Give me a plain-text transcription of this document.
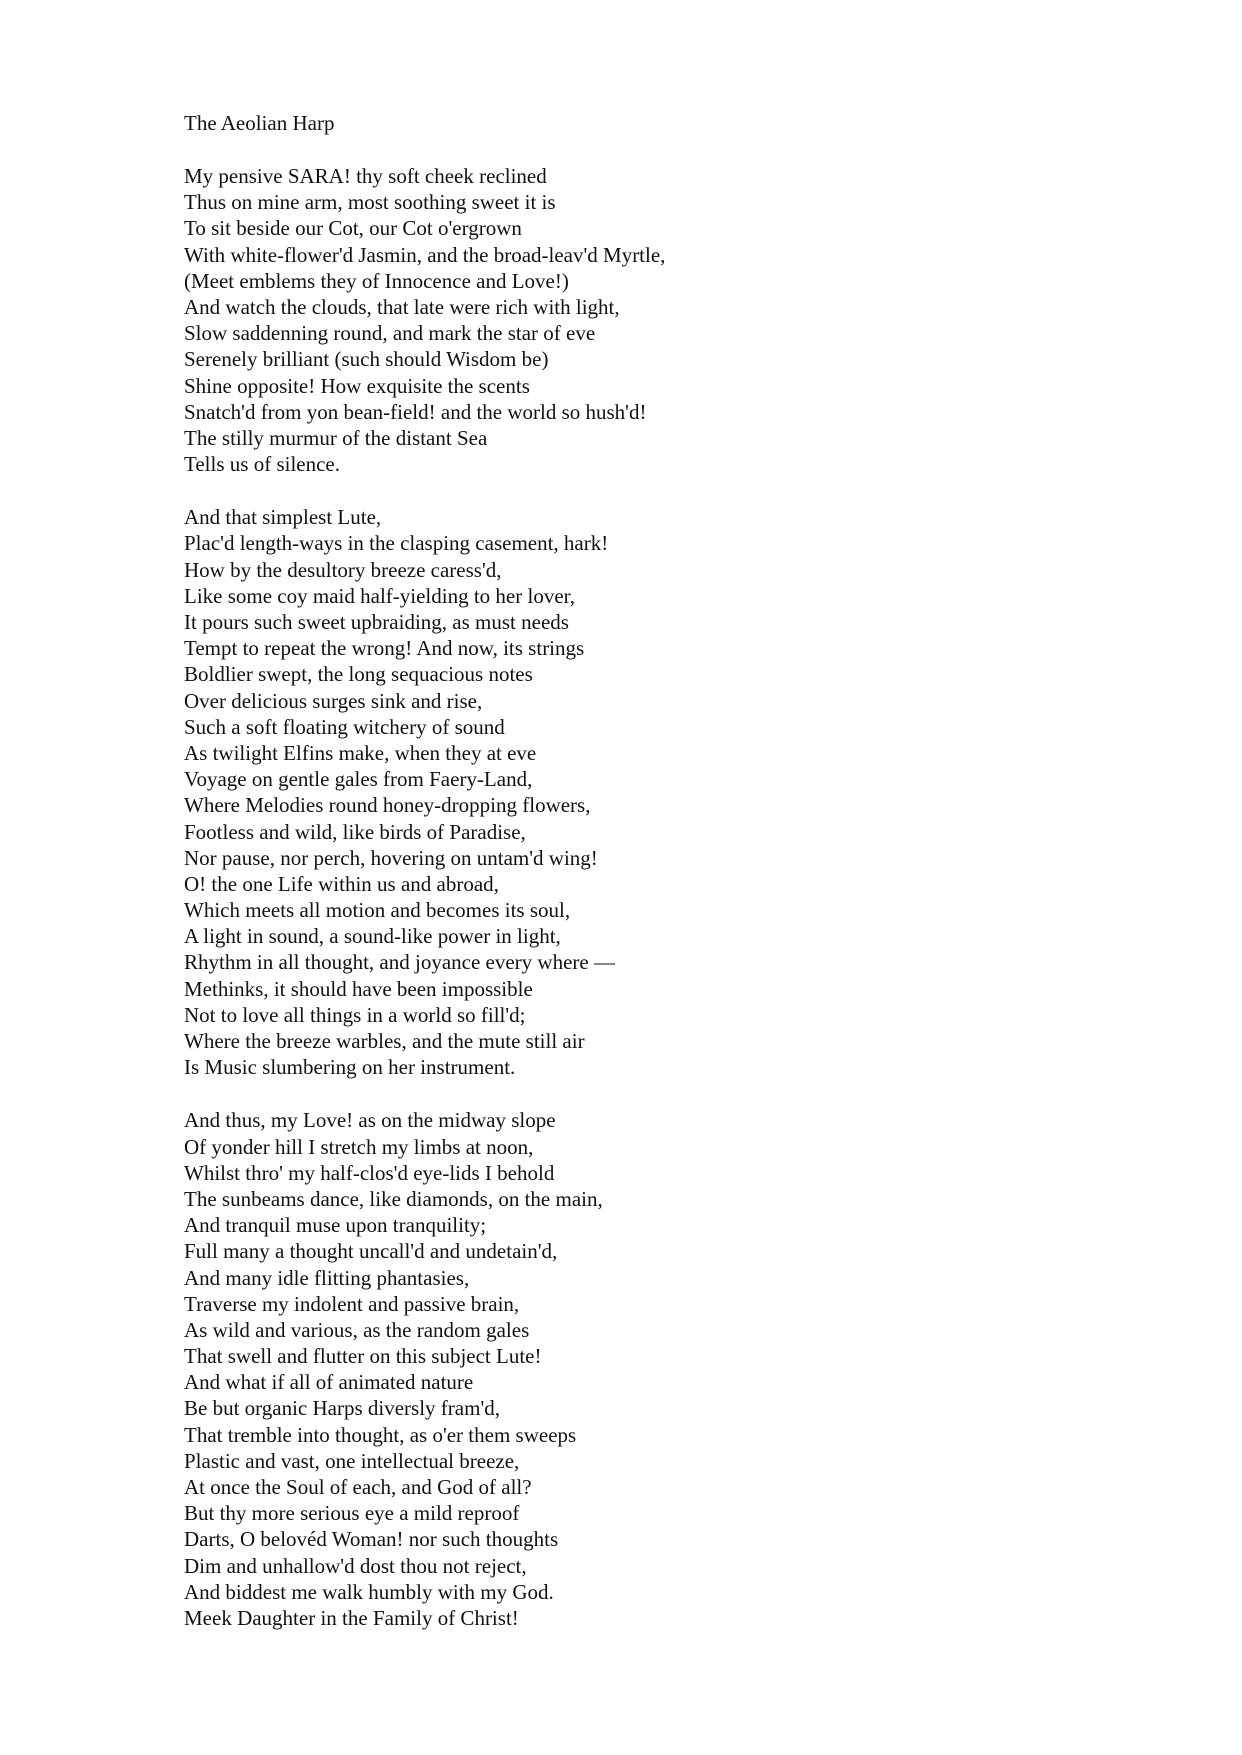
The Aeolian Harp
My pensive SARA! thy soft cheek reclined
Thus on mine arm, most soothing sweet it is
To sit beside our Cot, our Cot o'ergrown
With white-flower'd Jasmin, and the broad-leav'd Myrtle,
(Meet emblems they of Innocence and Love!)
And watch the clouds, that late were rich with light,
Slow saddenning round, and mark the star of eve
Serenely brilliant (such should Wisdom be)
Shine opposite! How exquisite the scents
Snatch'd from yon bean-field! and the world so hush'd!
The stilly murmur of the distant Sea
Tells us of silence.
And that simplest Lute,
Plac'd length-ways in the clasping casement, hark!
How by the desultory breeze caress'd,
Like some coy maid half-yielding to her lover,
It pours such sweet upbraiding, as must needs
Tempt to repeat the wrong! And now, its strings
Boldlier swept, the long sequacious notes
Over delicious surges sink and rise,
Such a soft floating witchery of sound
As twilight Elfins make, when they at eve
Voyage on gentle gales from Faery-Land,
Where Melodies round honey-dropping flowers,
Footless and wild, like birds of Paradise,
Nor pause, nor perch, hovering on untam'd wing!
O! the one Life within us and abroad,
Which meets all motion and becomes its soul,
A light in sound, a sound-like power in light,
Rhythm in all thought, and joyance every where —
Methinks, it should have been impossible
Not to love all things in a world so fill'd;
Where the breeze warbles, and the mute still air
Is Music slumbering on her instrument.
And thus, my Love! as on the midway slope
Of yonder hill I stretch my limbs at noon,
Whilst thro' my half-clos'd eye-lids I behold
The sunbeams dance, like diamonds, on the main,
And tranquil muse upon tranquility;
Full many a thought uncall'd and undetain'd,
And many idle flitting phantasies,
Traverse my indolent and passive brain,
As wild and various, as the random gales
That swell and flutter on this subject Lute!
And what if all of animated nature
Be but organic Harps diversly fram'd,
That tremble into thought, as o'er them sweeps
Plastic and vast, one intellectual breeze,
At once the Soul of each, and God of all?
But thy more serious eye a mild reproof
Darts, O belovéd Woman! nor such thoughts
Dim and unhallow'd dost thou not reject,
And biddest me walk humbly with my God.
Meek Daughter in the Family of Christ!
